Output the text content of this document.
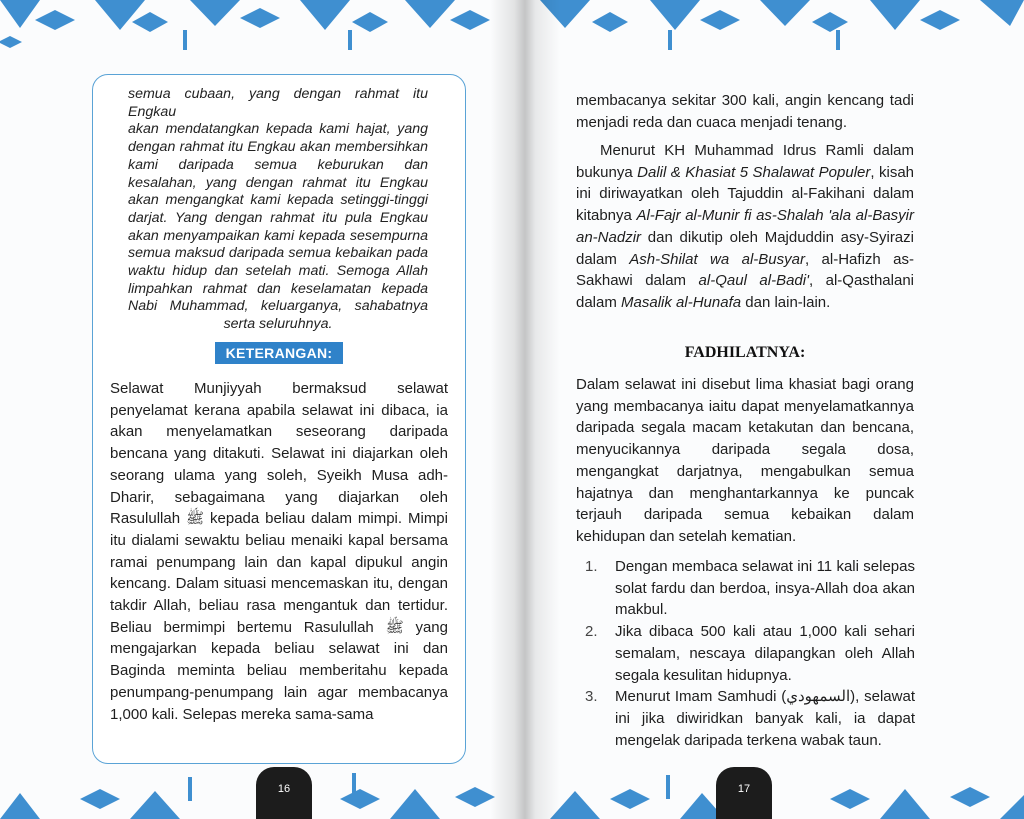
semua cubaan, yang dengan rahmat itu Engkau
akan mendatangkan kepada kami hajat, yang
dengan rahmat itu Engkau akan membersihkan
kami daripada semua keburukan dan
kesalahan, yang dengan rahmat itu Engkau
akan mengangkat kami kepada setinggi-tinggi
darjat. Yang dengan rahmat itu pula Engkau
akan menyampaikan kami kepada sesempurna
semua maksud daripada semua kebaikan pada
waktu hidup dan setelah mati. Semoga Allah
limpahkan rahmat dan keselamatan kepada
Nabi Muhammad, keluarganya, sahabatnya
serta seluruhnya.
KETERANGAN:
Selawat Munjiyyah bermaksud selawat penyelamat kerana apabila selawat ini dibaca, ia akan menyelamatkan seseorang daripada bencana yang ditakuti. Selawat ini diajarkan oleh seorang ulama yang soleh, Syeikh Musa adh-Dharir, sebagaimana yang diajarkan oleh Rasulullah ﷺ kepada beliau dalam mimpi. Mimpi itu dialami sewaktu beliau menaiki kapal bersama ramai penumpang lain dan kapal dipukul angin kencang. Dalam situasi mencemaskan itu, dengan takdir Allah, beliau rasa mengantuk dan tertidur. Beliau bermimpi bertemu Rasulullah ﷺ yang mengajarkan kepada beliau selawat ini dan Baginda meminta beliau memberitahu kepada penumpang-penumpang lain agar membacanya 1,000 kali. Selepas mereka sama-sama
16
membacanya sekitar 300 kali, angin kencang tadi menjadi reda dan cuaca menjadi tenang.
Menurut KH Muhammad Idrus Ramli dalam bukunya Dalil & Khasiat 5 Shalawat Populer, kisah ini diriwayatkan oleh Tajuddin al-Fakihani dalam kitabnya Al-Fajr al-Munir fi as-Shalah 'ala al-Basyir an-Nadzir dan dikutip oleh Majduddin asy-Syirazi dalam Ash-Shilat wa al-Busyar, al-Hafizh as-Sakhawi dalam al-Qaul al-Badi', al-Qasthalani dalam Masalik al-Hunafa dan lain-lain.
FADHILATNYA:
Dalam selawat ini disebut lima khasiat bagi orang yang membacanya iaitu dapat menyelamatkannya daripada segala macam ketakutan dan bencana, menyucikannya daripada segala dosa, mengangkat darjatnya, mengabulkan semua hajatnya dan menghantarkannya ke puncak terjauh daripada semua kebaikan dalam kehidupan dan setelah kematian.
1. Dengan membaca selawat ini 11 kali selepas solat fardu dan berdoa, insya-Allah doa akan makbul.
2. Jika dibaca 500 kali atau 1,000 kali sehari semalam, nescaya dilapangkan oleh Allah segala kesulitan hidupnya.
3. Menurut Imam Samhudi (السمهودي), selawat ini jika diwiridkan banyak kali, ia dapat mengelak daripada terkena wabak taun.
17
